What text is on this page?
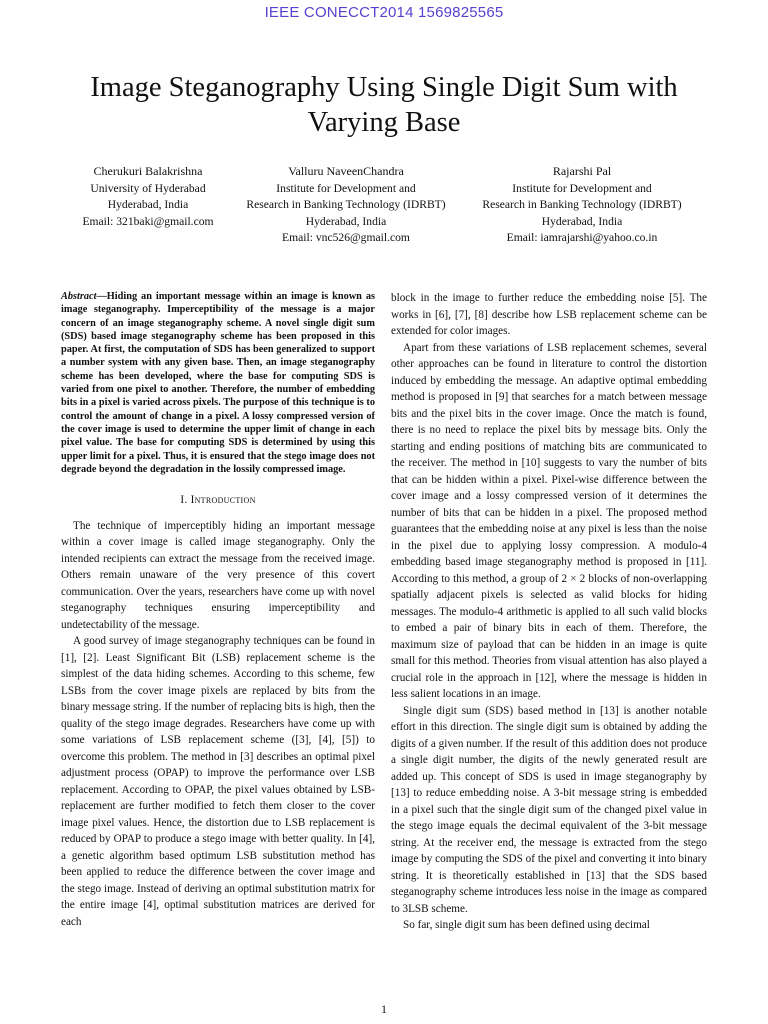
IEEE CONECCT2014 1569825565
Image Steganography Using Single Digit Sum with
Varying Base
Cherukuri Balakrishna
University of Hyderabad
Hyderabad, India
Email: 321baki@gmail.com
Valluru NaveenChandra
Institute for Development and
Research in Banking Technology (IDRBT)
Hyderabad, India
Email: vnc526@gmail.com
Rajarshi Pal
Institute for Development and
Research in Banking Technology (IDRBT)
Hyderabad, India
Email: iamrajarshi@yahoo.co.in

Abstract—Hiding an important message within an image is known as image steganography. Imperceptibility of the message is a major concern of an image steganography scheme. A novel single digit sum (SDS) based image steganography scheme has been proposed in this paper. At first, the computation of SDS has been generalized to support a number system with any given base. Then, an image steganography scheme has been developed, where the base for computing SDS is varied from one pixel to another. Therefore, the number of embedding bits in a pixel is varied across pixels. The purpose of this technique is to control the amount of change in a pixel. A lossy compressed version of the cover image is used to determine the upper limit of change in each pixel value. The base for computing SDS is determined by using this upper limit for a pixel. Thus, it is ensured that the stego image does not degrade beyond the degradation in the lossily compressed image.

I. Introduction

The technique of imperceptibly hiding an important message within a cover image is called image steganography. Only the intended recipients can extract the message from the received image. Others remain unaware of the very presence of this covert communication. Over the years, researchers have come up with novel steganography techniques ensuring imperceptibility and undetectability of the message.

A good survey of image steganography techniques can be found in [1], [2]. Least Significant Bit (LSB) replacement scheme is the simplest of the data hiding schemes. According to this scheme, few LSBs from the cover image pixels are replaced by bits from the binary message string. If the number of replacing bits is high, then the quality of the stego image degrades. Researchers have come up with some variations of LSB replacement scheme ([3], [4], [5]) to overcome this problem. The method in [3] describes an optimal pixel adjustment process (OPAP) to improve the performance over LSB replacement. According to OPAP, the pixel values obtained by LSB-replacement are further modified to fetch them closer to the cover image pixel values. Hence, the distortion due to LSB replacement is reduced by OPAP to produce a stego image with better quality. In [4], a genetic algorithm based optimum LSB substitution method has been applied to reduce the difference between the cover image and the stego image. Instead of deriving an optimal substitution matrix for the entire image [4], optimal substitution matrices are derived for each

block in the image to further reduce the embedding noise [5]. The works in [6], [7], [8] describe how LSB replacement scheme can be extended for color images.

Apart from these variations of LSB replacement schemes, several other approaches can be found in literature to control the distortion induced by embedding the message. An adaptive optimal embedding method is proposed in [9] that searches for a match between message bits and the pixel bits in the cover image. Once the match is found, there is no need to replace the pixel bits by message bits. Only the starting and ending positions of matching bits are communicated to the receiver. The method in [10] suggests to vary the number of bits that can be hidden within a pixel. Pixel-wise difference between the cover image and a lossy compressed version of it determines the number of bits that can be hidden in a pixel. The proposed method guarantees that the embedding noise at any pixel is less than the noise in the pixel due to applying lossy compression. A modulo-4 embedding based image steganography method is proposed in [11]. According to this method, a group of 2 × 2 blocks of non-overlapping spatially adjacent pixels is selected as valid blocks for hiding messages. The modulo-4 arithmetic is applied to all such valid blocks to embed a pair of binary bits in each of them. Therefore, the maximum size of payload that can be hidden in an image is quite small for this method. Theories from visual attention has also played a crucial role in the approach in [12], where the message is hidden in less salient locations in an image.

Single digit sum (SDS) based method in [13] is another notable effort in this direction. The single digit sum is obtained by adding the digits of a given number. If the result of this addition does not produce a single digit number, the digits of the newly generated result are added up. This concept of SDS is used in image steganography by [13] to reduce embedding noise. A 3-bit message string is embedded in a pixel such that the single digit sum of the changed pixel value in the stego image equals the decimal equivalent of the 3-bit message string. At the receiver end, the message is extracted from the stego image by computing the SDS of the pixel and converting it into binary string. It is theoretically established in [13] that the SDS based steganography scheme introduces less noise in the image as compared to 3LSB scheme.

So far, single digit sum has been defined using decimal

1
